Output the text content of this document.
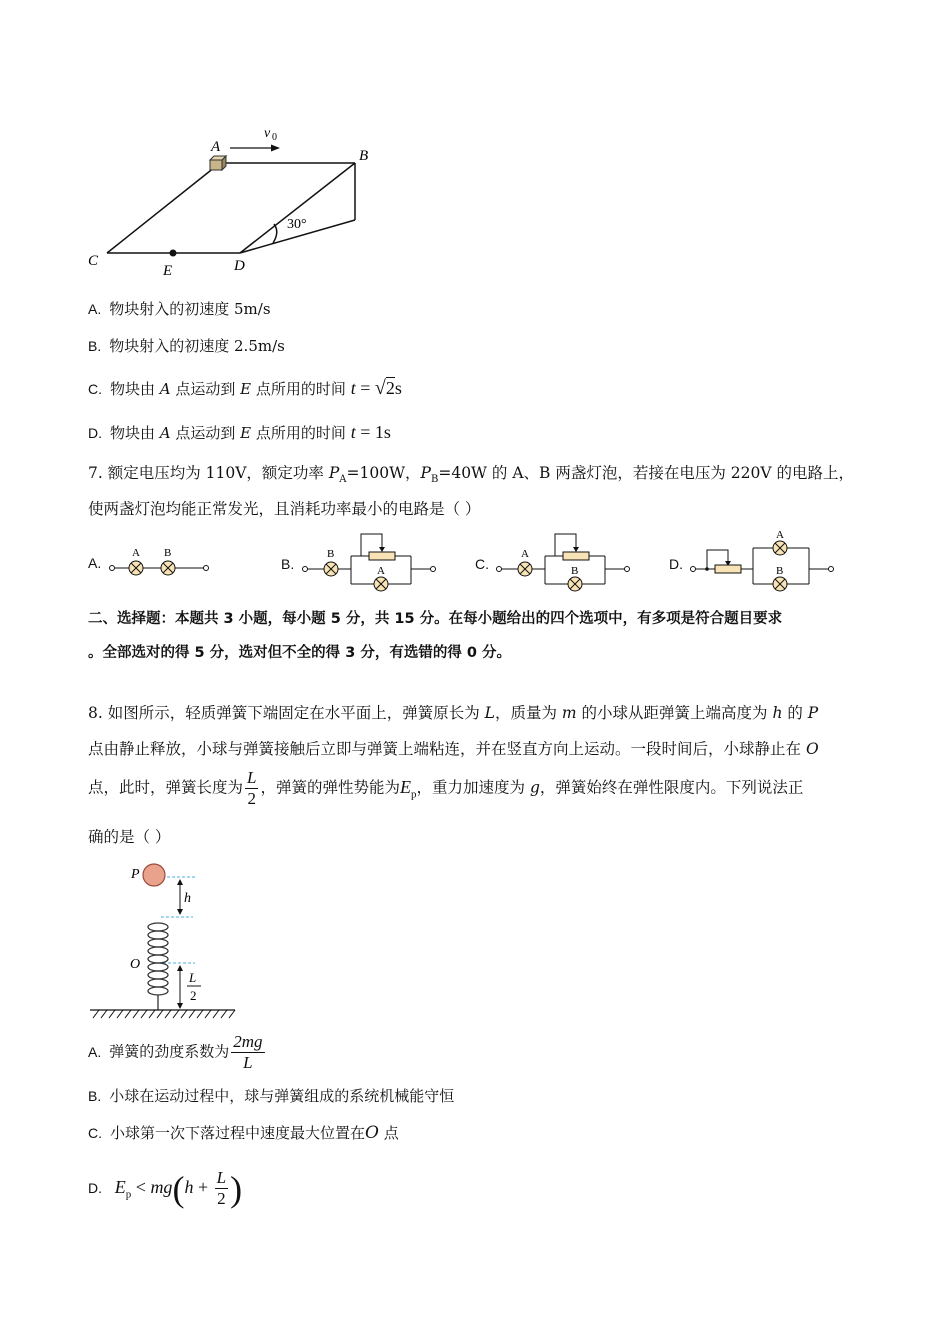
A
v 0
B
C	D
E
30°
A. 物块射入的初速度 5m/s
B. 物块射入的初速度 2.5m/s
C. 物块由 A 点运动到 E 点所用的时间 t = √2s
D. 物块由 A 点运动到 E 点所用的时间 t = 1s
7. 额定电压均为 110V，额定功率 $P_A=100W$，$P_B=40W$ 的 A、B 两盏灯泡，若接在电压为 220V 的电路上，
使两盏灯泡均能正常发光，且消耗功率最小的电路是（ ）
A.
A B
B.
B
A	C.
A
B	D.
A
B
二、选择题：本题共 3 小题，每小题 5 分，共 15 分。在每小题给出的四个选项中，有多项是符合题目要求
。全部选对的得 5 分，选对但不全的得 3 分，有选错的得 0 分。
8. 如图所示，轻质弹簧下端固定在水平面上，弹簧原长为 L，质量为 m 的小球从距弹簧上端高度为 h 的 P
点由静止释放，小球与弹簧接触后立即与弹簧上端粘连，并在竖直方向上运动。一段时间后，小球静止在 O
点，此时，弹簧长度为 $\frac{L}{2}$ ，弹簧的弹性势能为$E_p$，重力加速度为 g，弹簧始终在弹性限度内。下列说法正
确的是（ ）
P
O
h
L
2
A. 弹簧的劲度系数为 $\frac{2mg}{L}$
B. 小球在运动过程中，球与弹簧组成的系统机械能守恒
C. 小球第一次下落过程中速度最大位置在O 点
D. $E_p < mg(h + \frac{L}{2}$ )
